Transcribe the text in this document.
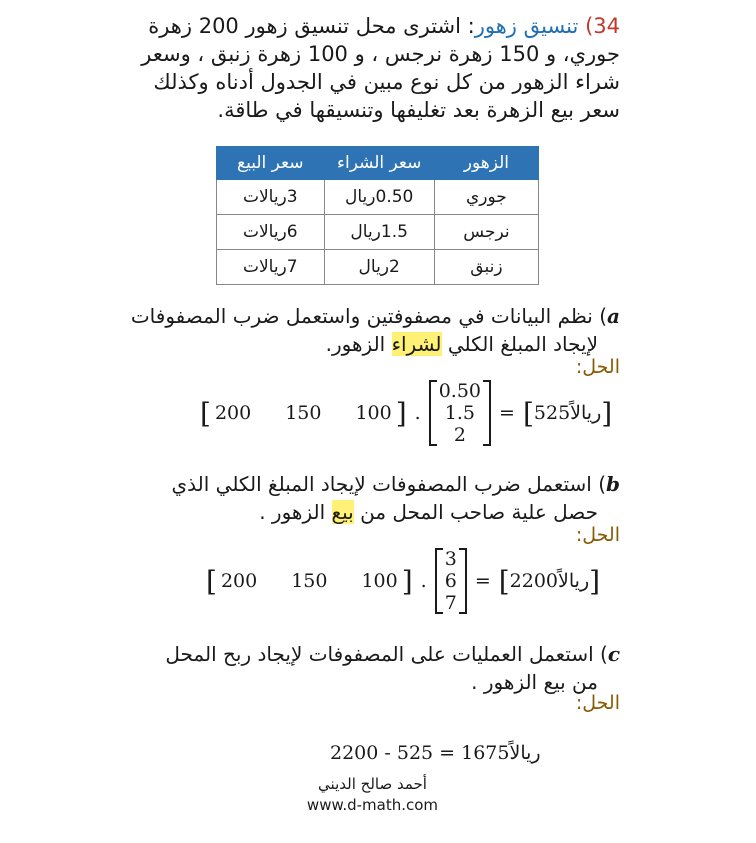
34) تنسيق زهور: اشترى محل تنسيق زهور 200 زهرة
جوري، و 150 زهرة نرجس ، و 100 زهرة زنبق ، وسعر
شراء الزهور من كل نوع مبين في الجدول أدناه وكذلك
سعر بيع الزهرة بعد تغليفها وتنسيقها في طاقة.
الزهور	سعر الشراء	سعر البيع
جوري	0.50ريال	3ريالات
نرجس	1.5ريال	6ريالات
زنبق	2ريال	7ريالات
a) نظم البيانات في مصفوفتين واستعمل ضرب المصفوفات
لإيجاد المبلغ الكلي لشراء الزهور.
الحل:
[ 200 150 100 ] .
0.50
1.5
2
= [ 525ريالاً ]
b) استعمل ضرب المصفوفات لإيجاد المبلغ الكلي الذي
حصل علية صاحب المحل من بيع الزهور .
الحل:
[ 200 150 100 ] .
3
6
7
= [ 2200ريالاً ]
c) استعمل العمليات على المصفوفات لإيجاد ربح المحل
من بيع الزهور .
الحل:
2200 - 525 = 1675ريالاً
أحمد صالح الديني
www.d-math.com
